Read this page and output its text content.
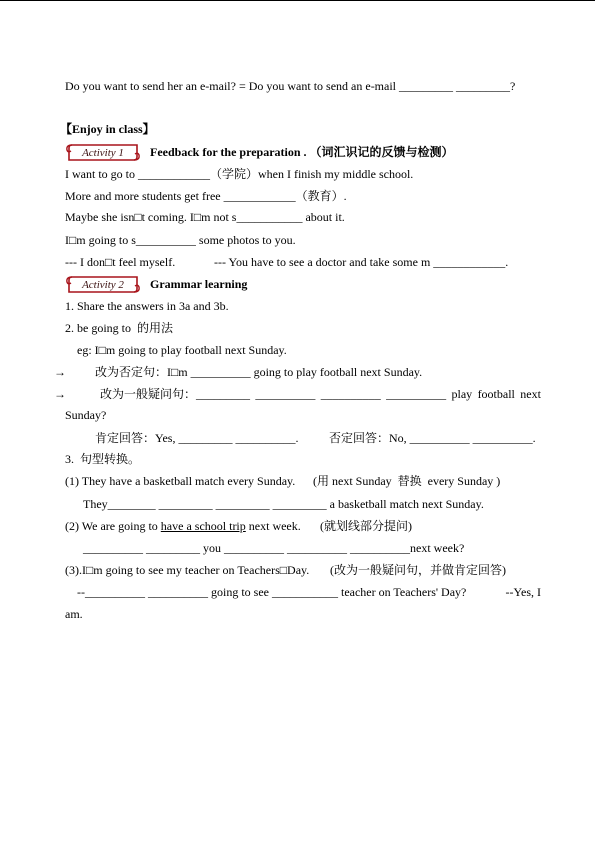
Do you want to send her an e-mail? = Do you want to send an e-mail _________ _________?
【Enjoy in class】
Activity 1 Feedback for the preparation . （词汇识记的反馈与检测）
I want to go to ____________（学院）when I finish my middle school.
More and more students get free ____________（教育）.
Maybe she isn□t coming. I□m not s___________ about it.
I□m going to s__________ some photos to you.
--- I don□t feel myself.	--- You have to see a doctor and take some m ____________.
Activity 2 Grammar learning
1. Share the answers in 3a and 3b.
2. be going to  的用法
eg: I□m going to play football next Sunday.
→ 改为否定句：I□m __________ going to play football next Sunday.
→	改为一般疑问句：_________ __________ __________ __________ play football next
Sunday?
肯定回答：Yes, _________ __________.	否定回答：No, __________ __________.
3.  句型转换。
(1) They have a basketball match every Sunday. (用 next Sunday  替换  every Sunday )
They________ _________ _________ _________ a basketball match next Sunday.
(2) We are going to have a school trip next week. (就划线部分提问)
__________ _________ you __________ __________ __________next week?
(3).I□m going to see my teacher on Teachers□Day. (改为一般疑问句，并做肯定回答)
--__________ __________ going to see ___________ teacher on Teachers' Day?	--Yes, I
am.
